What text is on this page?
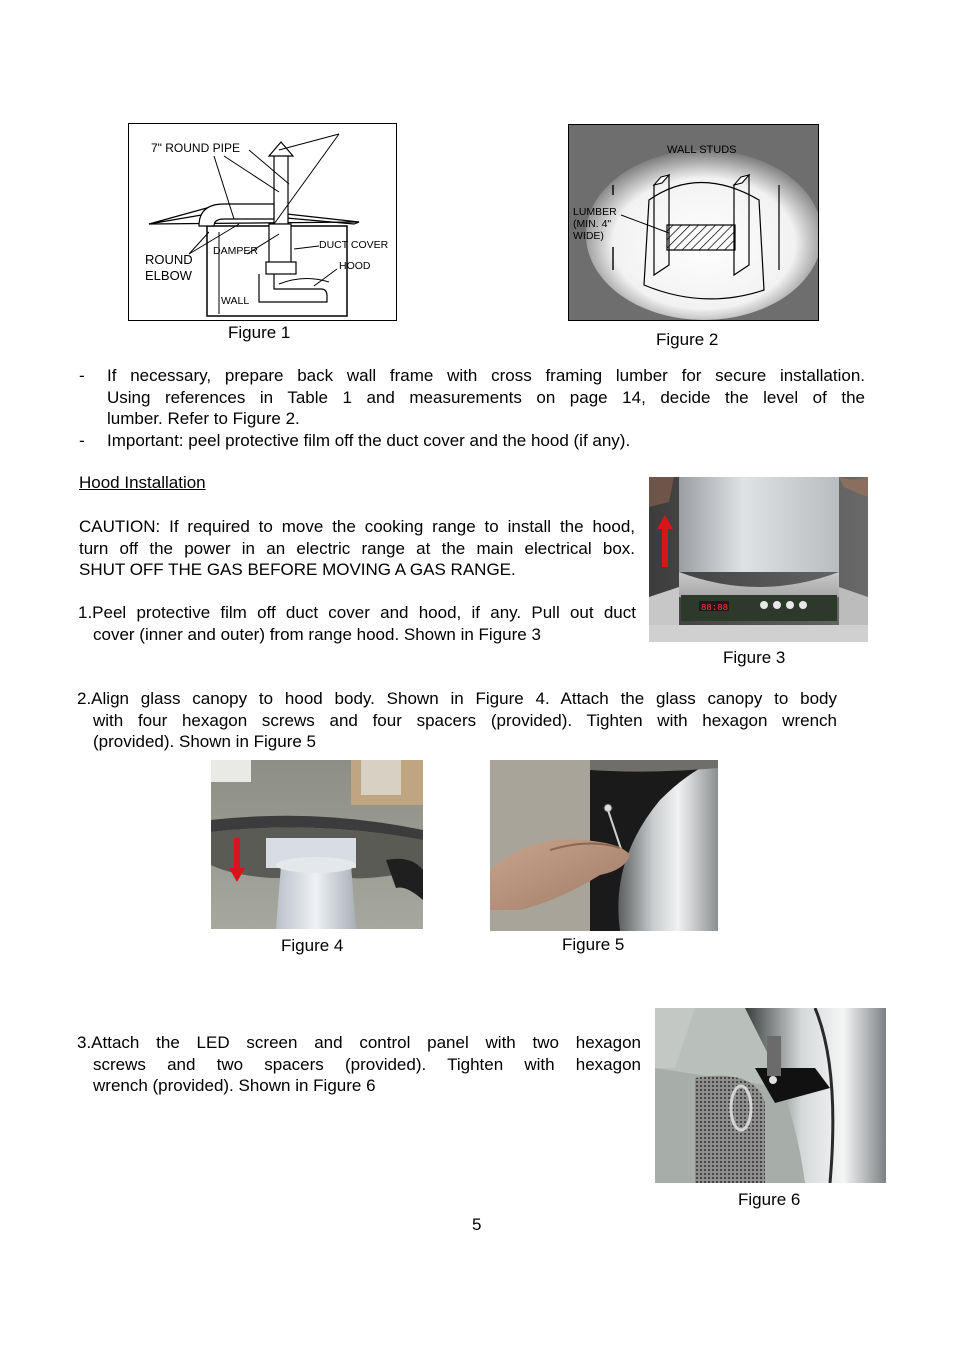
7" ROUND PIPE
ROUND
ELBOW
DAMPER	DUCT COVER
HOOD
WALL
Figure 1
WALL STUDS
LUMBER
(MIN. 4"
WIDE)
Figure 2
- If necessary, prepare back wall frame with cross framing lumber for secure installation.
Using references in Table 1 and measurements on page 14, decide the level of the
lumber. Refer to Figure 2.
- Important: peel protective film off the duct cover and the hood (if any).
Hood Installation
CAUTION: If required to move the cooking range to install the hood,
turn off the power in an electric range at the main electrical box.
SHUT OFF THE GAS BEFORE MOVING A GAS RANGE.
1.Peel protective film off duct cover and hood, if any. Pull out duct
cover (inner and outer) from range hood. Shown in Figure 3
88:88
Figure 3
2.Align glass canopy to hood body. Shown in Figure 4. Attach the glass canopy to body
with four hexagon screws and four spacers (provided). Tighten with hexagon wrench
(provided). Shown in Figure 5
Figure 4	Figure 5
3.Attach the LED screen and control panel with two hexagon
screws and two spacers (provided). Tighten with hexagon
wrench (provided). Shown in Figure 6
Figure 6
5
